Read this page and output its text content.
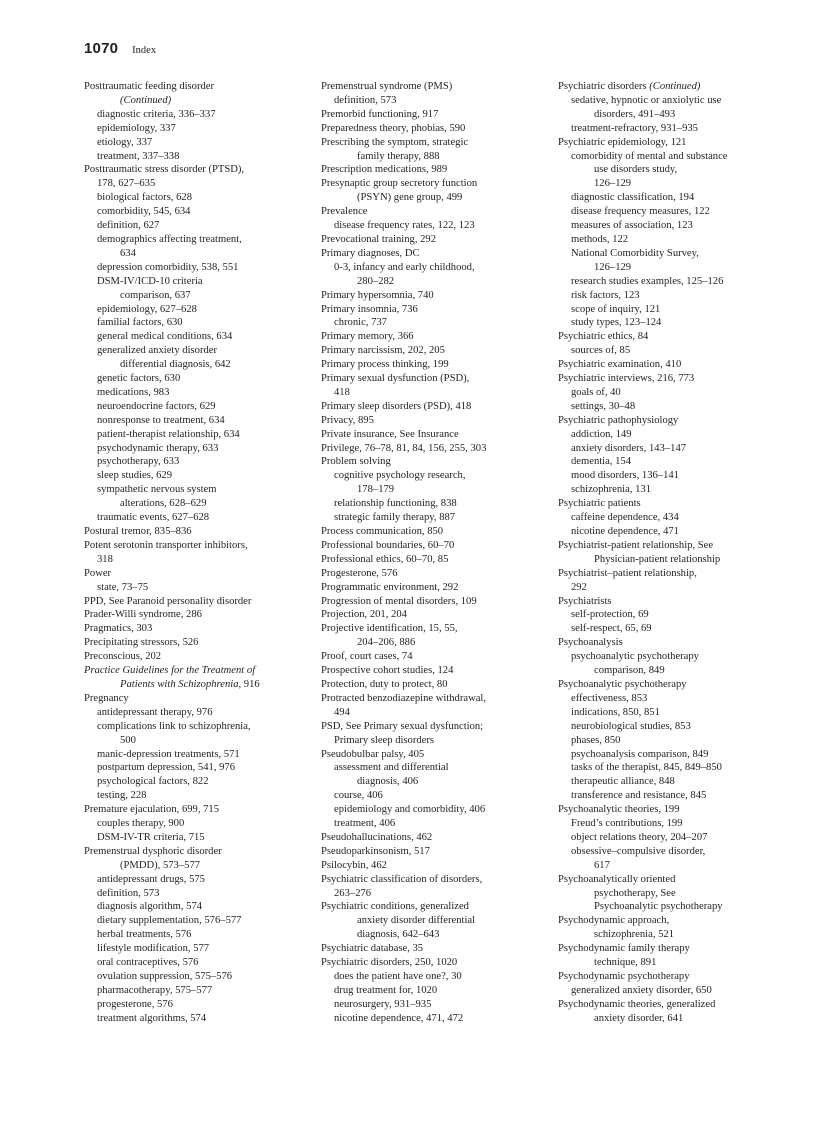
1070 Index
Posttraumatic feeding disorder
(Continued)
diagnostic criteria, 336–337
epidemiology, 337
etiology, 337
treatment, 337–338
Posttraumatic stress disorder (PTSD),
178, 627–635
biological factors, 628
comorbidity, 545, 634
definition, 627
demographics affecting treatment,
634
depression comorbidity, 538, 551
DSM-IV/ICD-10 criteria
comparison, 637
epidemiology, 627–628
familial factors, 630
general medical conditions, 634
generalized anxiety disorder
differential diagnosis, 642
genetic factors, 630
medications, 983
neuroendocrine factors, 629
nonresponse to treatment, 634
patient-therapist relationship, 634
psychodynamic therapy, 633
psychotherapy, 633
sleep studies, 629
sympathetic nervous system
alterations, 628–629
traumatic events, 627–628
Postural tremor, 835–836
Potent serotonin transporter inhibitors,
318
Power
state, 73–75
PPD, See Paranoid personality disorder
Prader-Willi syndrome, 286
Pragmatics, 303
Precipitating stressors, 526
Preconscious, 202
Practice Guidelines for the Treatment of
Patients with Schizophrenia, 916
Pregnancy
antidepressant therapy, 976
complications link to schizophrenia,
500
manic-depression treatments, 571
postpartum depression, 541, 976
psychological factors, 822
testing, 228
Premature ejaculation, 699, 715
couples therapy, 900
DSM-IV-TR criteria, 715
Premenstrual dysphoric disorder
(PMDD), 573–577
antidepressant drugs, 575
definition, 573
diagnosis algorithm, 574
dietary supplementation, 576–577
herbal treatments, 576
lifestyle modification, 577
oral contraceptives, 576
ovulation suppression, 575–576
pharmacotherapy, 575–577
progesterone, 576
treatment algorithms, 574
Premenstrual syndrome (PMS)
definition, 573
Premorbid functioning, 917
Preparedness theory, phobias, 590
Prescribing the symptom, strategic
family therapy, 888
Prescription medications, 989
Presynaptic group secretory function
(PSYN) gene group, 499
Prevalence
disease frequency rates, 122, 123
Prevocational training, 292
Primary diagnoses, DC
0-3, infancy and early childhood,
280–282
Primary hypersomnia, 740
Primary insomnia, 736
chronic, 737
Primary memory, 366
Primary narcissism, 202, 205
Primary process thinking, 199
Primary sexual dysfunction (PSD),
418
Primary sleep disorders (PSD), 418
Privacy, 895
Private insurance, See Insurance
Privilege, 76–78, 81, 84, 156, 255, 303
Problem solving
cognitive psychology research,
178–179
relationship functioning, 838
strategic family therapy, 887
Process communication, 850
Professional boundaries, 60–70
Professional ethics, 60–70, 85
Progesterone, 576
Programmatic environment, 292
Progression of mental disorders, 109
Projection, 201, 204
Projective identification, 15, 55,
204–206, 886
Proof, court cases, 74
Prospective cohort studies, 124
Protection, duty to protect, 80
Protracted benzodiazepine withdrawal,
494
PSD, See Primary sexual dysfunction;
Primary sleep disorders
Pseudobulbar palsy, 405
assessment and differential
diagnosis, 406
course, 406
epidemiology and comorbidity, 406
treatment, 406
Pseudohallucinations, 462
Pseudoparkinsonism, 517
Psilocybin, 462
Psychiatric classification of disorders,
263–276
Psychiatric conditions, generalized
anxiety disorder differential
diagnosis, 642–643
Psychiatric database, 35
Psychiatric disorders, 250, 1020
does the patient have one?, 30
drug treatment for, 1020
neurosurgery, 931–935
nicotine dependence, 471, 472
Psychiatric disorders (Continued)
sedative, hypnotic or anxiolytic use
disorders, 491–493
treatment-refractory, 931–935
Psychiatric epidemiology, 121
comorbidity of mental and substance
use disorders study,
126–129
diagnostic classification, 194
disease frequency measures, 122
measures of association, 123
methods, 122
National Comorbidity Survey,
126–129
research studies examples, 125–126
risk factors, 123
scope of inquiry, 121
study types, 123–124
Psychiatric ethics, 84
sources of, 85
Psychiatric examination, 410
Psychiatric interviews, 216, 773
goals of, 40
settings, 30–48
Psychiatric pathophysiology
addiction, 149
anxiety disorders, 143–147
dementia, 154
mood disorders, 136–141
schizophrenia, 131
Psychiatric patients
caffeine dependence, 434
nicotine dependence, 471
Psychiatrist-patient relationship, See
Physician-patient relationship
Psychiatrist–patient relationship,
292
Psychiatrists
self-protection, 69
self-respect, 65, 69
Psychoanalysis
psychoanalytic psychotherapy
comparison, 849
Psychoanalytic psychotherapy
effectiveness, 853
indications, 850, 851
neurobiological studies, 853
phases, 850
psychoanalysis comparison, 849
tasks of the therapist, 845, 849–850
therapeutic alliance, 848
transference and resistance, 845
Psychoanalytic theories, 199
Freud’s contributions, 199
object relations theory, 204–207
obsessive–compulsive disorder,
617
Psychoanalytically oriented
psychotherapy, See
Psychoanalytic psychotherapy
Psychodynamic approach,
schizophrenia, 521
Psychodynamic family therapy
technique, 891
Psychodynamic psychotherapy
generalized anxiety disorder, 650
Psychodynamic theories, generalized
anxiety disorder, 641
